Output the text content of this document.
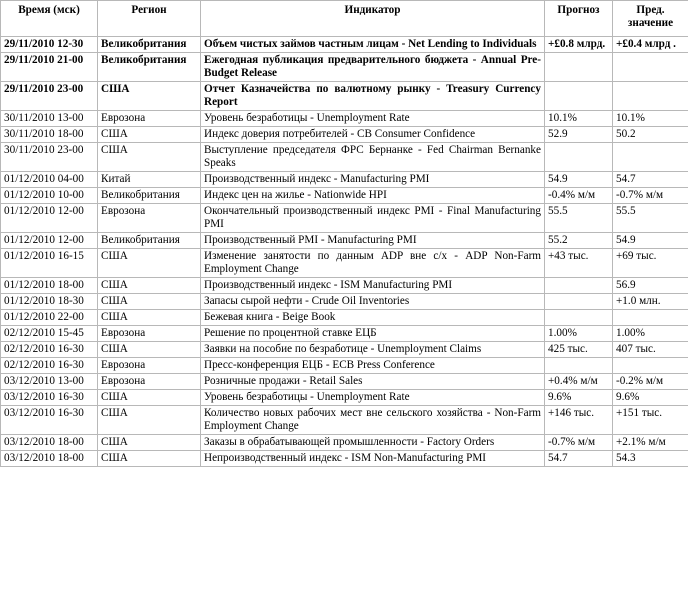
Время (мск)	Регион	Индикатор	Прогноз	Пред.
значение

29/11/2010 12-30	Великобритания	Объем чистых займов частным лицам - Net Lending to Individuals	+£0.8 млрд.	+£0.4 млрд .
29/11/2010 21-00	Великобритания	Ежегодная публикация предварительного бюджета - Annual Pre-Budget Release		
29/11/2010 23-00	США	Отчет Казначейства по валютному рынку - Treasury Currency Report		
30/11/2010 13-00	Еврозона	Уровень безработицы - Unemployment Rate	10.1%	10.1%
30/11/2010 18-00	США	Индекс доверия потребителей - CB Consumer Confidence	52.9	50.2
30/11/2010 23-00	США	Выступление председателя ФРС Бернанке - Fed Chairman Bernanke Speaks		
01/12/2010 04-00	Китай	Производственный индекс - Manufacturing PMI	54.9	54.7
01/12/2010 10-00	Великобритания	Индекс цен на жилье - Nationwide HPI	-0.4% м/м	-0.7% м/м
01/12/2010 12-00	Еврозона	Окончательный производственный индекс PMI - Final Manufacturing PMI	55.5	55.5
01/12/2010 12-00	Великобритания	Производственный PMI - Manufacturing PMI	55.2	54.9
01/12/2010 16-15	США	Изменение занятости по данным ADP вне с/х - ADP Non-Farm Employment Change	+43 тыс.	+69 тыс.
01/12/2010 18-00	США	Производственный индекс - ISM Manufacturing PMI		56.9
01/12/2010 18-30	США	Запасы сырой нефти - Crude Oil Inventories		+1.0 млн.
01/12/2010 22-00	США	Бежевая книга - Beige Book		
02/12/2010 15-45	Еврозона	Решение по процентной ставке ЕЦБ	1.00%	1.00%
02/12/2010 16-30	США	Заявки на пособие по безработице - Unemployment Claims	425 тыс.	407 тыс.
02/12/2010 16-30	Еврозона	Пресс-конференция ЕЦБ - ECB Press Conference		
03/12/2010 13-00	Еврозона	Розничные продажи - Retail Sales	+0.4% м/м	-0.2% м/м
03/12/2010 16-30	США	Уровень безработицы - Unemployment Rate	9.6%	9.6%
03/12/2010 16-30	США	Количество новых рабочих мест вне сельского хозяйства - Non-Farm Employment Change	+146 тыс.	+151 тыс.
03/12/2010 18-00	США	Заказы в обрабатывающей промышленности - Factory Orders	-0.7% м/м	+2.1% м/м
03/12/2010 18-00	США	Непроизводственный индекс - ISM Non-Manufacturing PMI	54.7	54.3
